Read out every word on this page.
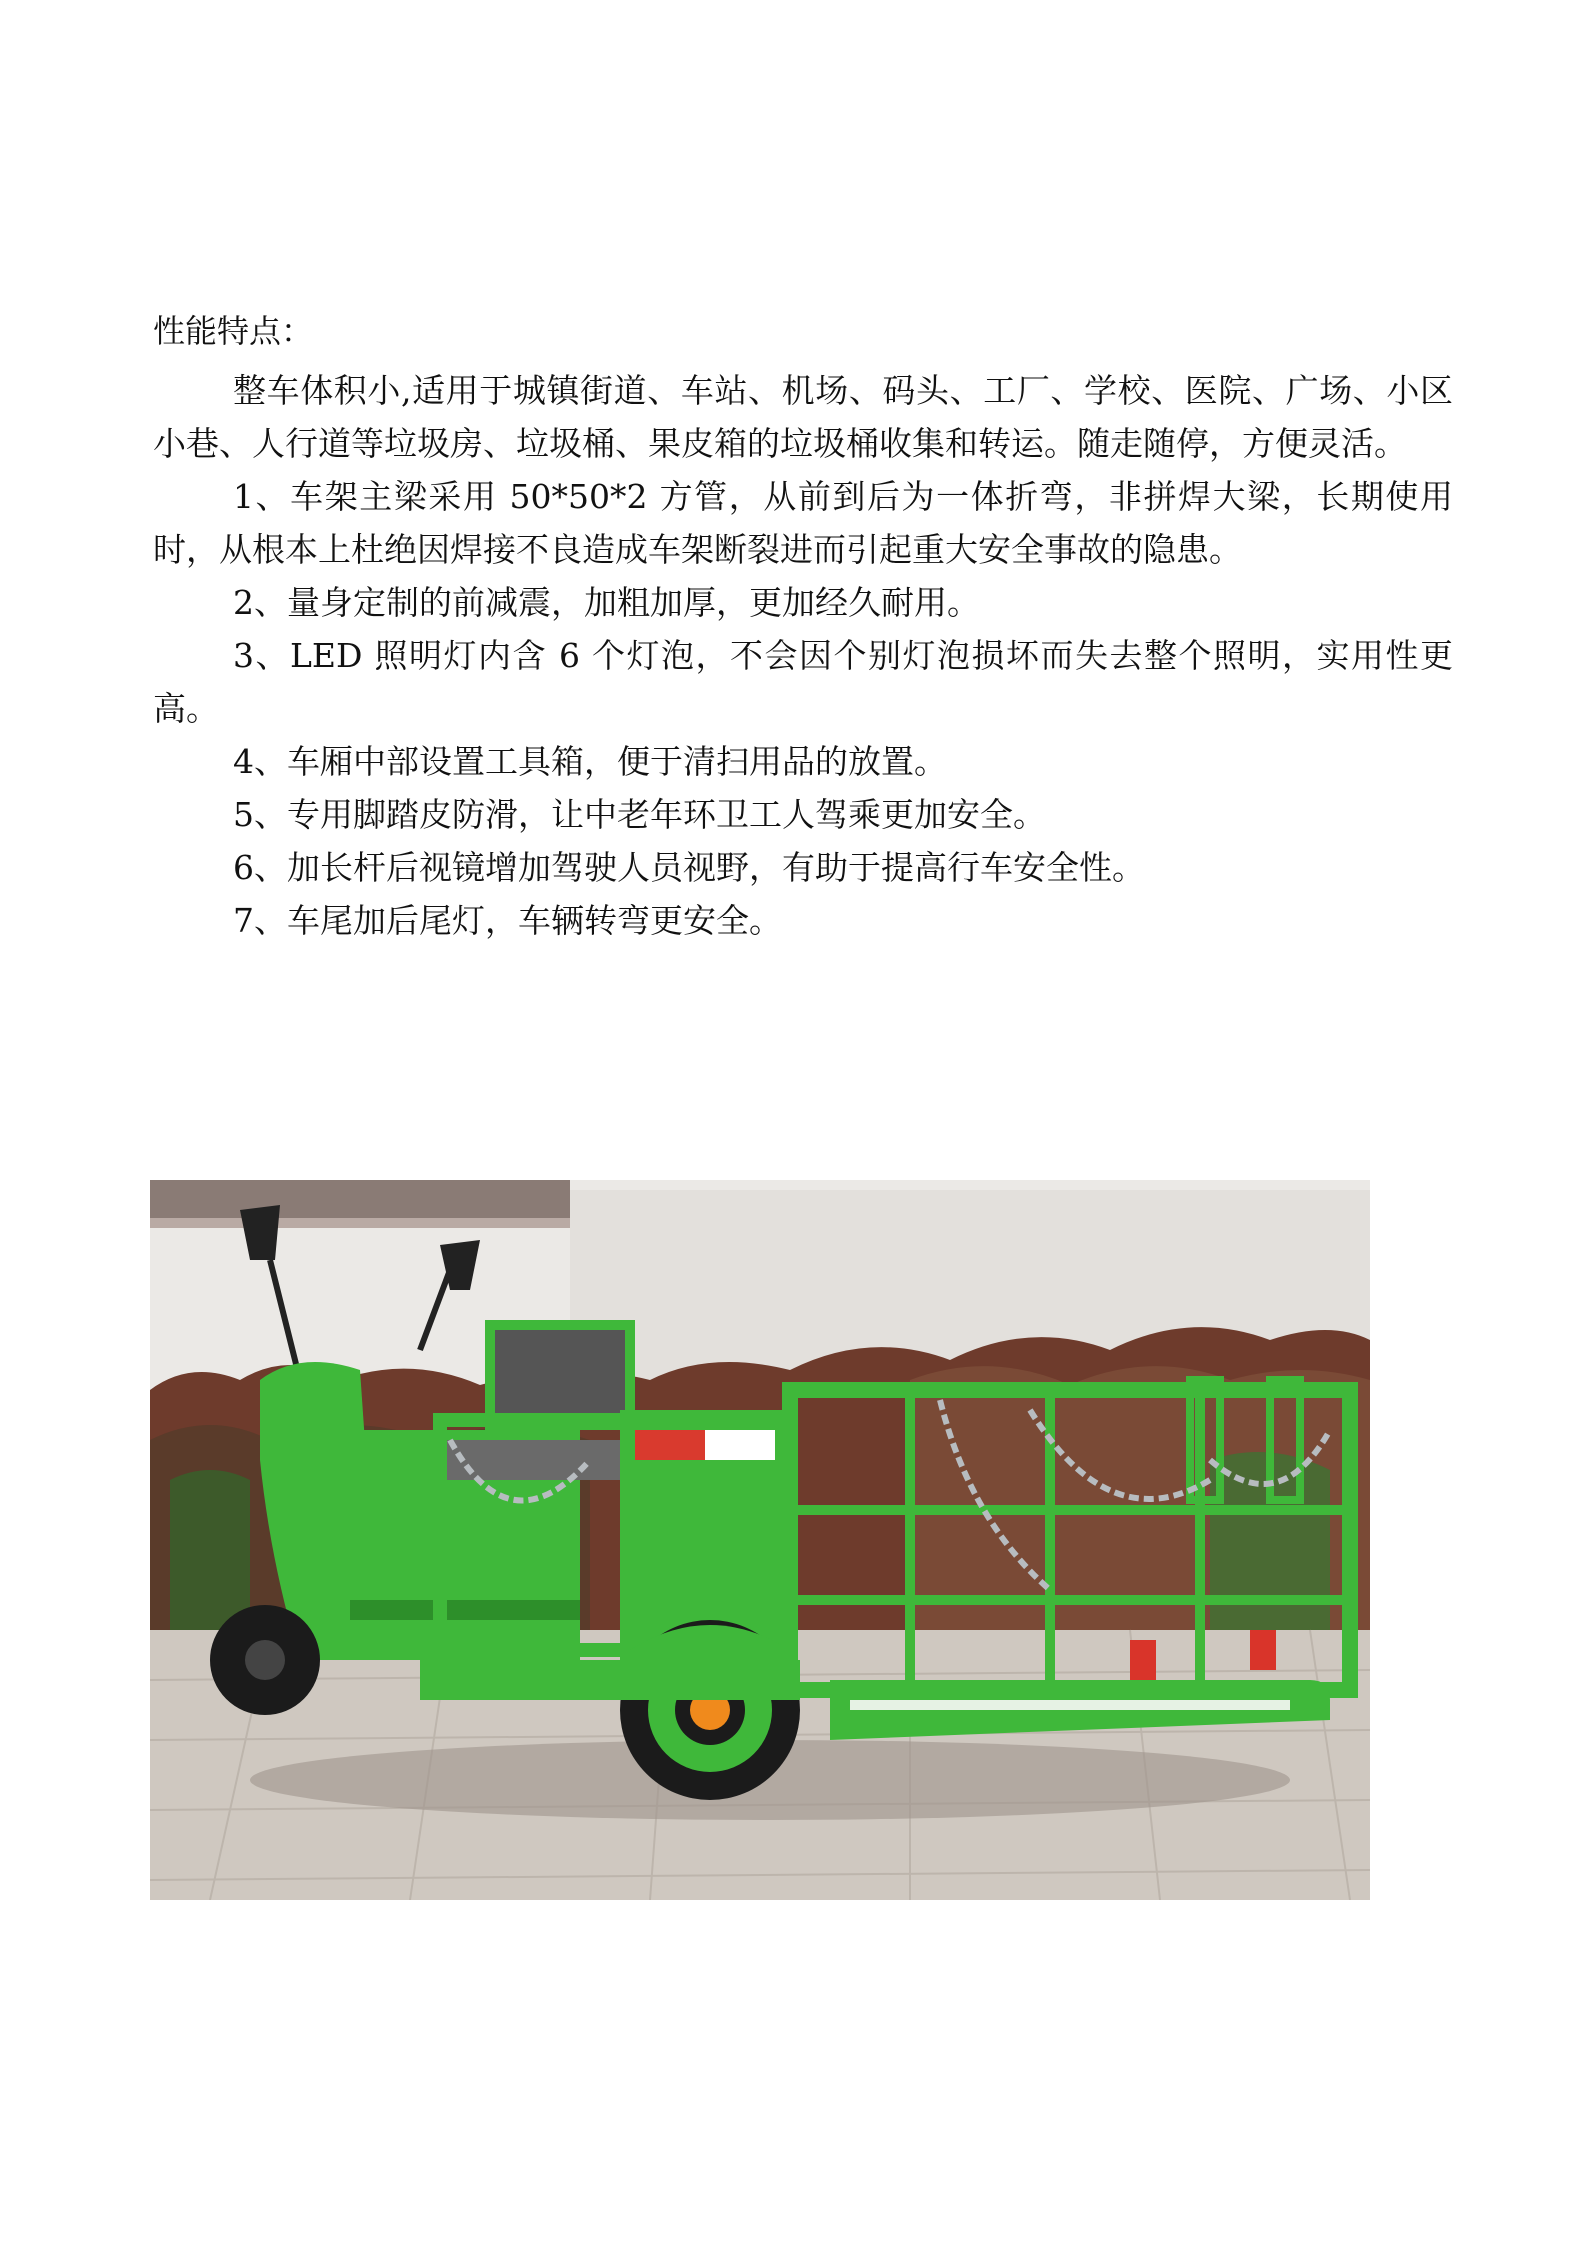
性能特点：

整车体积小,适用于城镇街道、车站、机场、码头、工厂、学校、医院、广场、小区小巷、人行道等垃圾房、垃圾桶、果皮箱的垃圾桶收集和转运。随走随停，方便灵活。

1、车架主梁采用 50*50*2 方管，从前到后为一体折弯，非拼焊大梁，长期使用时，从根本上杜绝因焊接不良造成车架断裂进而引起重大安全事故的隐患。

2、量身定制的前减震，加粗加厚，更加经久耐用。

3、LED 照明灯内含 6 个灯泡，不会因个别灯泡损坏而失去整个照明，实用性更高。

4、车厢中部设置工具箱，便于清扫用品的放置。

5、专用脚踏皮防滑，让中老年环卫工人驾乘更加安全。

6、加长杆后视镜增加驾驶人员视野，有助于提高行车安全性。

7、车尾加后尾灯，车辆转弯更安全。
